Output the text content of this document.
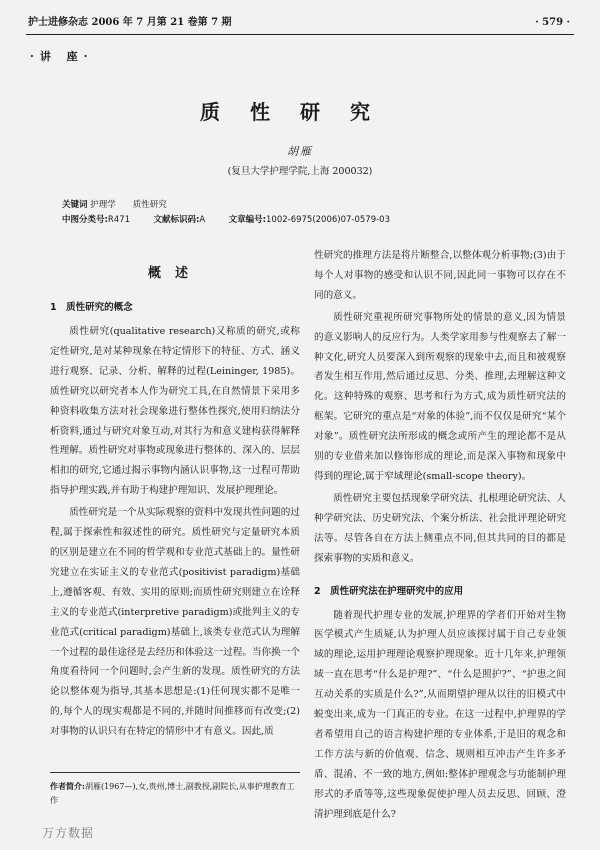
护士进修杂志 2006 年 7 月第 21 卷第 7 期	· 579 ·
·讲 座·
质性研究
胡雁
(复旦大学护理学院,上海 200032)
关键词 护理学　　质性研究
中图分类号:R471	文献标识码:A	文章编号:1002-6975(2006)07-0579-03
概述
1　质性研究的概念

质性研究(qualitative research)又称质的研究,或称定性研究,是对某种现象在特定情形下的特征、方式、涵义进行观察、记录、分析、解释的过程(Leininger, 1985)。质性研究以研究者本人作为研究工具,在自然情景下采用多种资料收集方法对社会现象进行整体性探究,使用归纳法分析资料,通过与研究对象互动,对其行为和意义建构获得解释性理解。质性研究对事物或现象进行整体的、深入的、层层相扣的研究,它通过揭示事物内涵认识事物,这一过程可帮助指导护理实践,并有助于构建护理知识、发展护理理论。

质性研究是一个从实际观察的资料中发现共性问题的过程,属于探索性和叙述性的研究。质性研究与定量研究本质的区别是建立在不同的哲学观和专业范式基础上的。量性研究建立在实证主义的专业范式(positivist paradigm)基础上,遵循客观、有效、实用的原则;而质性研究则建立在诠释主义的专业范式(interpretive paradigm)或批判主义的专业范式(critical paradigm)基础上,该类专业范式认为理解一个过程的最佳途径是去经历和体验这一过程。当你换一个角度看待同一个问题时,会产生新的发现。质性研究的方法论以整体观为指导,其基本思想是:(1)任何现实都不是唯一的,每个人的现实观都是不同的,并随时间推移而有改变;(2)对事物的认识只有在特定的情形中才有意义。因此,质

性研究的推理方法是将片断整合,以整体观分析事物;(3)由于每个人对事物的感受和认识不同,因此同一事物可以存在不同的意义。

质性研究重视所研究事物所处的情景的意义,因为情景的意义影响人的反应行为。人类学家用参与性观察去了解一种文化,研究人员要深入到所观察的现象中去,而且和被观察者发生相互作用,然后通过反思、分类、推理,去理解这种文化。这种特殊的观察、思考和行为方式,成为质性研究法的框架。它研究的重点是“对象的体验”,而不仅仅是研究“某个对象”。质性研究法所形成的概念或所产生的理论都不是从别的专业借来加以修饰形成的理论,而是深入事物和现象中得到的理论,属于窄域理论(small-scope theory)。

质性研究主要包括现象学研究法、扎根理论研究法、人种学研究法、历史研究法、个案分析法、社会批评理论研究法等。尽管各自在方法上侧重点不同,但其共同的目的都是探索事物的实质和意义。

2　质性研究法在护理研究中的应用

随着现代护理专业的发展,护理界的学者们开始对生物医学模式产生质疑,认为护理人员应该探讨属于自己专业领域的理论,运用护理理论观察护理现象。近十几年来,护理领域一直在思考“什么是护理?”、“什么是照护?”、“护患之间互动关系的实质是什么?”,从而期望护理从以往的旧模式中蜕变出来,成为一门真正的专业。在这一过程中,护理界的学者希望用自己的语言构建护理的专业体系,于是旧的观念和工作方法与新的价值观、信念、规则相互冲击产生许多矛盾、混淆、不一致的地方,例如:整体护理观念与功能制护理形式的矛盾等等,这些现象促使护理人员去反思、回顾、澄清护理到底是什么?

作者简介:胡雁(1967—),女,贵州,博士,副教授,副院长,从事护理教育工作
万方数据
